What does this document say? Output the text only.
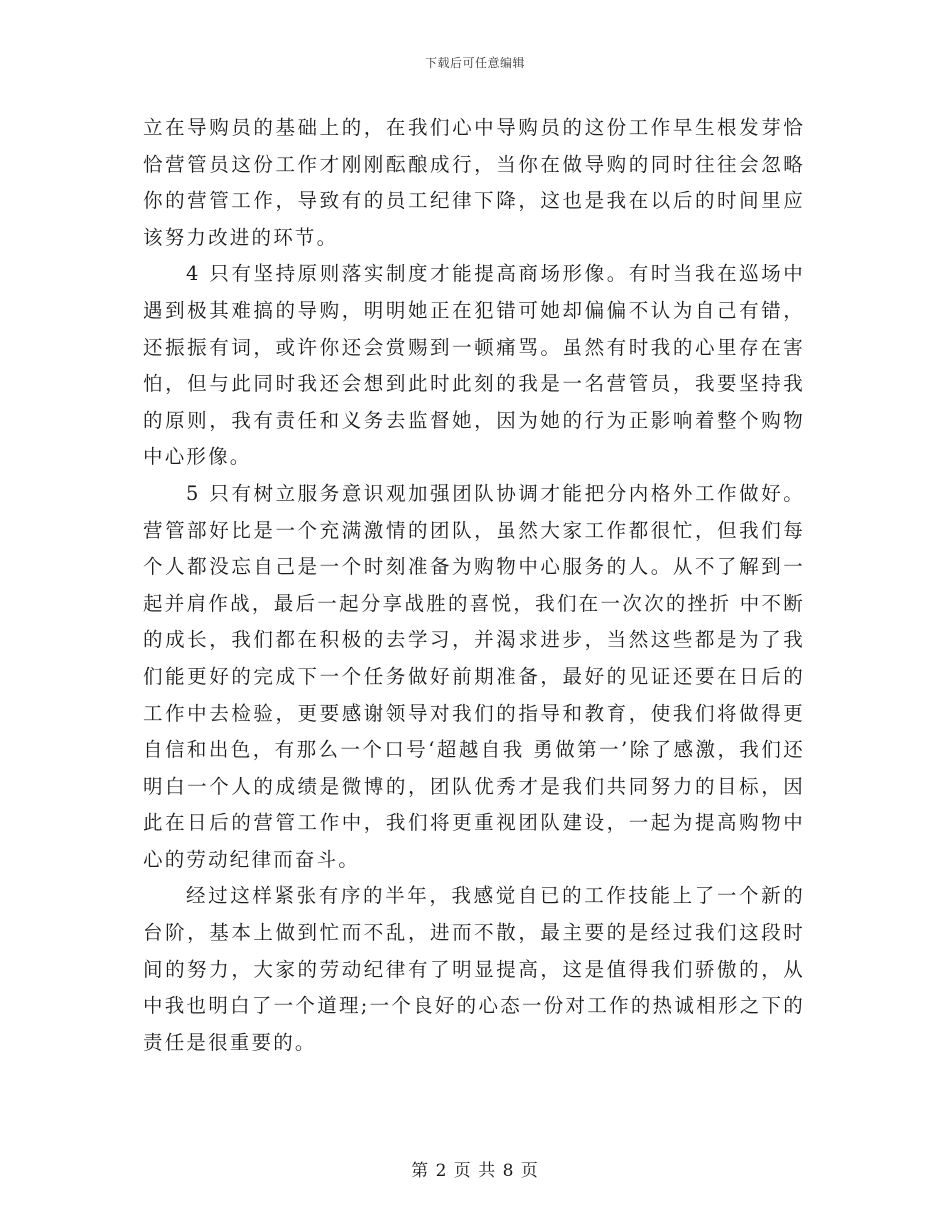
下载后可任意编辑

立在导购员的基础上的，在我们心中导购员的这份工作早生根发芽恰恰营管员这份工作才刚刚酝酿成行，当你在做导购的同时往往会忽略你的营管工作，导致有的员工纪律下降，这也是我在以后的时间里应该努力改进的环节。

4 只有坚持原则落实制度才能提高商场形像。有时当我在巡场中遇到极其难搞的导购，明明她正在犯错可她却偏偏不认为自己有错，还振振有词，或许你还会赏赐到一顿痛骂。虽然有时我的心里存在害怕，但与此同时我还会想到此时此刻的我是一名营管员，我要坚持我的原则，我有责任和义务去监督她，因为她的行为正影响着整个购物中心形像。

5 只有树立服务意识观加强团队协调才能把分内格外工作做好。营管部好比是一个充满激情的团队，虽然大家工作都很忙，但我们每个人都没忘自己是一个时刻准备为购物中心服务的人。从不了解到一起并肩作战，最后一起分享战胜的喜悦，我们在一次次的挫折 中不断的成长，我们都在积极的去学习，并渴求进步，当然这些都是为了我们能更好的完成下一个任务做好前期准备，最好的见证还要在日后的工作中去检验，更要感谢领导对我们的指导和教育，使我们将做得更自信和出色，有那么一个口号‘超越自我 勇做第一’除了感激，我们还明白一个人的成绩是微博的，团队优秀才是我们共同努力的目标，因此在日后的营管工作中，我们将更重视团队建设，一起为提高购物中心的劳动纪律而奋斗。

经过这样紧张有序的半年，我感觉自已的工作技能上了一个新的台阶，基本上做到忙而不乱，进而不散，最主要的是经过我们这段时间的努力，大家的劳动纪律有了明显提高，这是值得我们骄傲的，从中我也明白了一个道理;一个良好的心态一份对工作的热诚相形之下的责任是很重要的。

第 2 页 共 8 页
